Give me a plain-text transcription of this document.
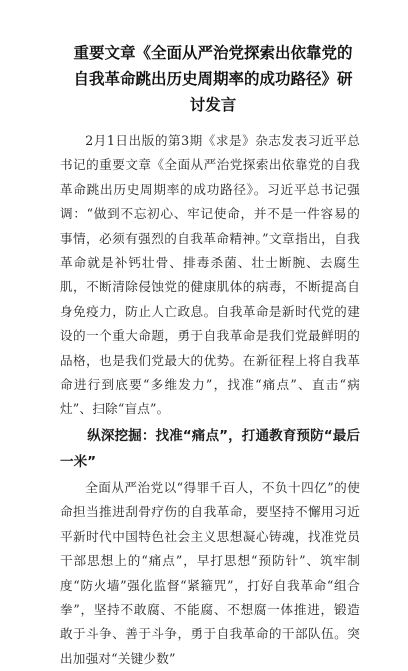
重要文章《全面从严治党探索出依靠党的自我革命跳出历史周期率的成功路径》研讨发言

2月1日出版的第3期《求是》杂志发表习近平总书记的重要文章《全面从严治党探索出依靠党的自我革命跳出历史周期率的成功路径》。习近平总书记强调：“做到不忘初心、牢记使命，并不是一件容易的事情，必须有强烈的自我革命精神。”文章指出，自我革命就是补钙壮骨、排毒杀菌、壮士断腕、去腐生肌，不断清除侵蚀党的健康肌体的病毒，不断提高自身免疫力，防止人亡政息。自我革命是新时代党的建设的一个重大命题，勇于自我革命是我们党最鲜明的品格，也是我们党最大的优势。在新征程上将自我革命进行到底要“多维发力”，找准“痛点”、直击“病灶”、扫除“盲点”。

纵深挖掘：找准“痛点”，打通教育预防“最后一米”

全面从严治党以“得罪千百人，不负十四亿”的使命担当推进刮骨疗伤的自我革命，要坚持不懈用习近平新时代中国特色社会主义思想凝心铸魂，找准党员干部思想上的“痛点”，早打思想“预防针”、筑牢制度“防火墙”强化监督“紧箍咒”，打好自我革命“组合拳”，坚持不敢腐、不能腐、不想腐一体推进，锻造敢于斗争、善于斗争，勇于自我革命的干部队伍。突出加强对“关键少数”
